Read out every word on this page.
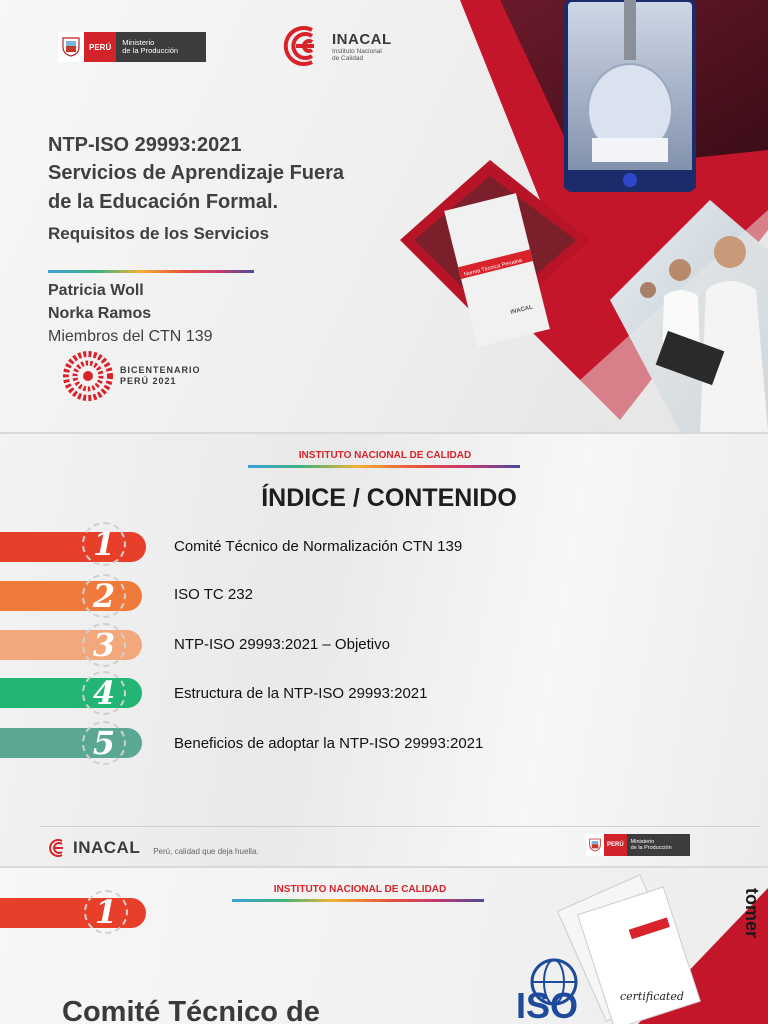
PERÚ	Ministerio
de la Producción
INACAL
Instituto Nacional
de Calidad
NTP-ISO 29993:2021
Servicios de Aprendizaje Fuera
de la Educación Formal.
Requisitos de los Servicios
Patricia Woll
Norka Ramos
Miembros del CTN 139
BICENTENARIO
PERÚ 2021
Norma Técnica Peruana
INACAL
INSTITUTO NACIONAL DE CALIDAD
ÍNDICE / CONTENIDO
1	Comité Técnico de Normalización CTN 139
2	ISO TC 232
3	NTP-ISO 29993:2021 – Objetivo
4	Estructura de la NTP-ISO 29993:2021
5	Beneficios de adoptar la NTP-ISO 29993:2021
INACAL Perú, calidad que deja huella.
PERÚ	Ministerio
de la Producción
INSTITUTO NACIONAL DE CALIDAD
1
Comité Técnico de	ISO	certificated
tomer
